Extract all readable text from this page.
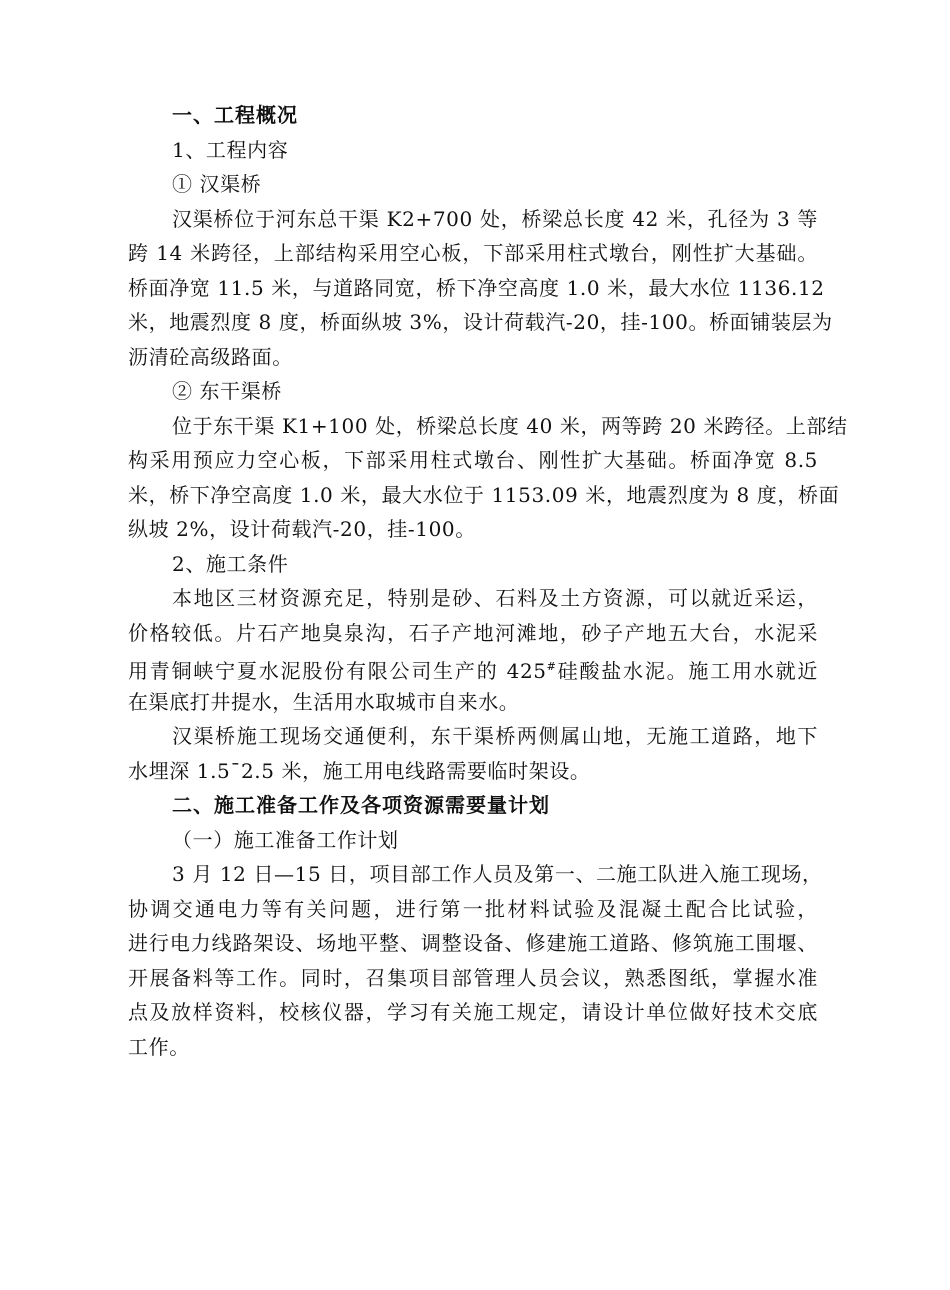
一、工程概况
1、工程内容
① 汉渠桥
汉渠桥位于河东总干渠 K2+700 处，桥梁总长度 42 米，孔径为 3 等
跨 14 米跨径，上部结构采用空心板，下部采用柱式墩台，刚性扩大基础。
桥面净宽 11.5 米，与道路同宽，桥下净空高度 1.0 米，最大水位 1136.12
米，地震烈度 8 度，桥面纵坡 3%，设计荷载汽-20，挂-100。桥面铺装层为
沥清砼高级路面。
② 东干渠桥
位于东干渠 K1+100 处，桥梁总长度 40 米，两等跨 20 米跨径。上部结
构采用预应力空心板，下部采用柱式墩台、刚性扩大基础。桥面净宽 8.5
米，桥下净空高度 1.0 米，最大水位于 1153.09 米，地震烈度为 8 度，桥面
纵坡 2%，设计荷载汽-20，挂-100。
2、施工条件
本地区三材资源充足，特别是砂、石料及土方资源，可以就近采运，
价格较低。片石产地臭泉沟，石子产地河滩地，砂子产地五大台，水泥采
用青铜峡宁夏水泥股份有限公司生产的 425#硅酸盐水泥。施工用水就近
在渠底打井提水，生活用水取城市自来水。
汉渠桥施工现场交通便利，东干渠桥两侧属山地，无施工道路，地下
水埋深 1.5¯2.5 米，施工用电线路需要临时架设。
二、施工准备工作及各项资源需要量计划
（一）施工准备工作计划
3 月 12 日—15 日，项目部工作人员及第一、二施工队进入施工现场，
协调交通电力等有关问题，进行第一批材料试验及混凝土配合比试验，
进行电力线路架设、场地平整、调整设备、修建施工道路、修筑施工围堰、
开展备料等工作。同时，召集项目部管理人员会议，熟悉图纸，掌握水准
点及放样资料，校核仪器，学习有关施工规定，请设计单位做好技术交底
工作。
